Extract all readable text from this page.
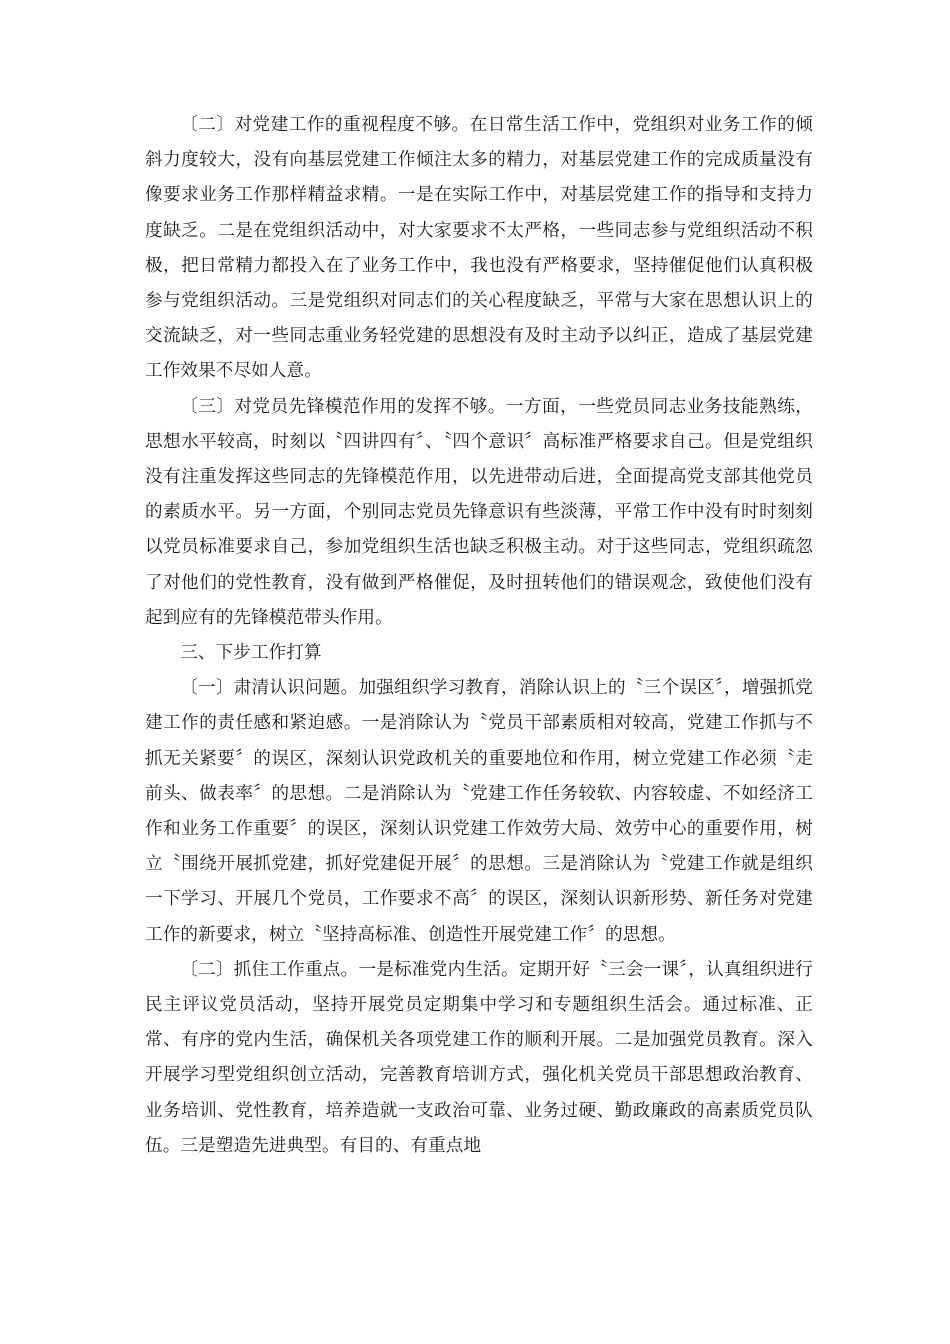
〔二〕对党建工作的重视程度不够。在日常生活工作中，党组织对业务工作的倾斜力度较大，没有向基层党建工作倾注太多的精力，对基层党建工作的完成质量没有像要求业务工作那样精益求精。一是在实际工作中，对基层党建工作的指导和支持力度缺乏。二是在党组织活动中，对大家要求不太严格，一些同志参与党组织活动不积极，把日常精力都投入在了业务工作中，我也没有严格要求，坚持催促他们认真积极参与党组织活动。三是党组织对同志们的关心程度缺乏，平常与大家在思想认识上的交流缺乏，对一些同志重业务轻党建的思想没有及时主动予以纠正，造成了基层党建工作效果不尽如人意。

〔三〕对党员先锋模范作用的发挥不够。一方面，一些党员同志业务技能熟练，思想水平较高，时刻以〝四讲四有〞、〝四个意识〞高标准严格要求自己。但是党组织没有注重发挥这些同志的先锋模范作用，以先进带动后进，全面提高党支部其他党员的素质水平。另一方面，个别同志党员先锋意识有些淡薄，平常工作中没有时时刻刻以党员标准要求自己，参加党组织生活也缺乏积极主动。对于这些同志，党组织疏忽了对他们的党性教育，没有做到严格催促，及时扭转他们的错误观念，致使他们没有起到应有的先锋模范带头作用。

三、下步工作打算

〔一〕肃清认识问题。加强组织学习教育，消除认识上的〝三个误区〞，增强抓党建工作的责任感和紧迫感。一是消除认为〝党员干部素质相对较高，党建工作抓与不抓无关紧要〞的误区，深刻认识党政机关的重要地位和作用，树立党建工作必须〝走前头、做表率〞的思想。二是消除认为〝党建工作任务较软、内容较虚、不如经济工作和业务工作重要〞的误区，深刻认识党建工作效劳大局、效劳中心的重要作用，树立〝围绕开展抓党建，抓好党建促开展〞的思想。三是消除认为〝党建工作就是组织一下学习、开展几个党员，工作要求不高〞的误区，深刻认识新形势、新任务对党建工作的新要求，树立〝坚持高标准、创造性开展党建工作〞的思想。

〔二〕抓住工作重点。一是标准党内生活。定期开好〝三会一课〞，认真组织进行民主评议党员活动，坚持开展党员定期集中学习和专题组织生活会。通过标准、正常、有序的党内生活，确保机关各项党建工作的顺利开展。二是加强党员教育。深入开展学习型党组织创立活动，完善教育培训方式，强化机关党员干部思想政治教育、业务培训、党性教育，培养造就一支政治可靠、业务过硬、勤政廉政的高素质党员队伍。三是塑造先进典型。有目的、有重点地
